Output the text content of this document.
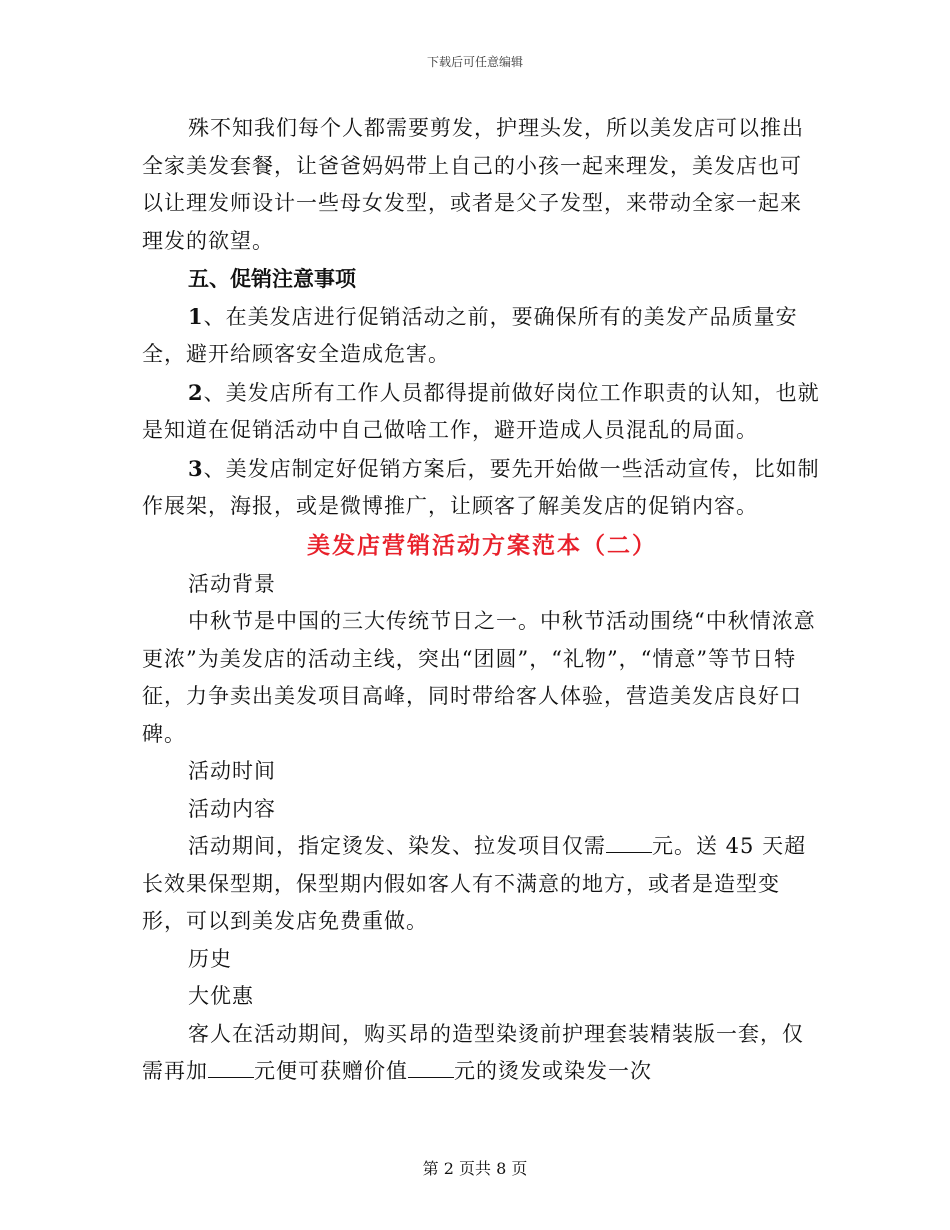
下载后可任意编辑

殊不知我们每个人都需要剪发，护理头发，所以美发店可以推出全家美发套餐，让爸爸妈妈带上自己的小孩一起来理发，美发店也可以让理发师设计一些母女发型，或者是父子发型，来带动全家一起来理发的欲望。

五、促销注意事项

1、在美发店进行促销活动之前，要确保所有的美发产品质量安全，避开给顾客安全造成危害。

2、美发店所有工作人员都得提前做好岗位工作职责的认知，也就是知道在促销活动中自己做啥工作，避开造成人员混乱的局面。

3、美发店制定好促销方案后，要先开始做一些活动宣传，比如制作展架，海报，或是微博推广，让顾客了解美发店的促销内容。

美发店营销活动方案范本（二）

活动背景

中秋节是中国的三大传统节日之一。中秋节活动围绕“中秋情浓意更浓”为美发店的活动主线，突出“团圆”，“礼物”，“情意”等节日特征，力争卖出美发项目高峰，同时带给客人体验，营造美发店良好口碑。

活动时间

活动内容

活动期间，指定烫发、染发、拉发项目仅需 元。送 45 天超长效果保型期，保型期内假如客人有不满意的地方，或者是造型变形，可以到美发店免费重做。

历史

大优惠

客人在活动期间，购买昂的造型染烫前护理套装精装版一套，仅需再加 元便可获赠价值 元的烫发或染发一次

第 2 页共 8 页
